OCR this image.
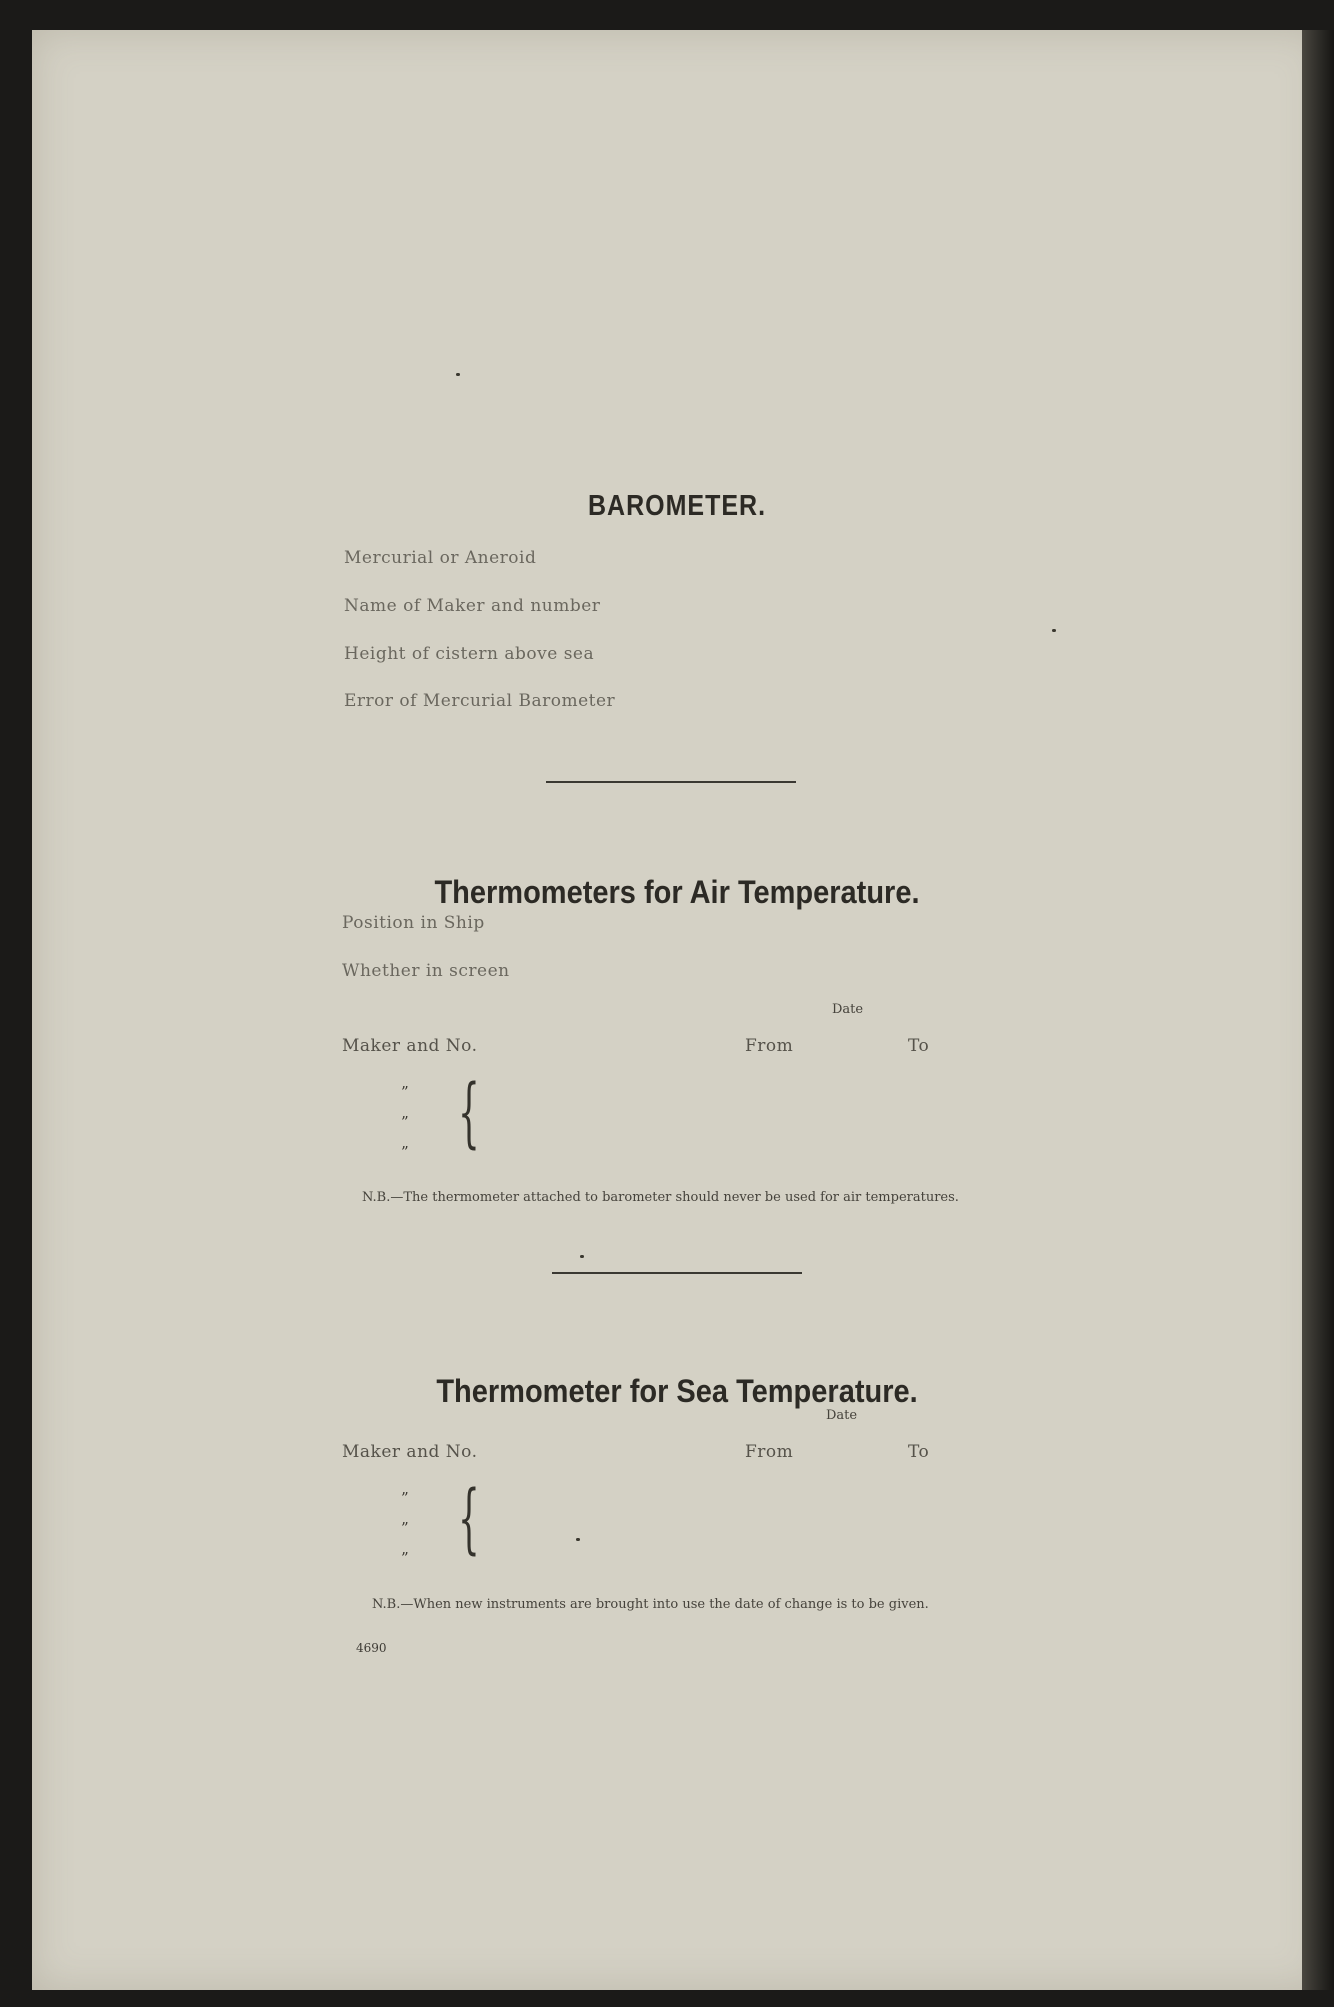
BAROMETER.
Mercurial or Aneroid
Name of Maker and number
Height of cistern above sea
Error of Mercurial Barometer
Thermometers for Air Temperature.
Position in Ship
Whether in screen
Date
Maker and No.	From	To
”
”
” {
N.B.—The thermometer attached to barometer should never be used for air temperatures.
Thermometer for Sea Temperature.
Date
Maker and No.	From	To
”
”
” {
N.B.—When new instruments are brought into use the date of change is to be given.
4690
